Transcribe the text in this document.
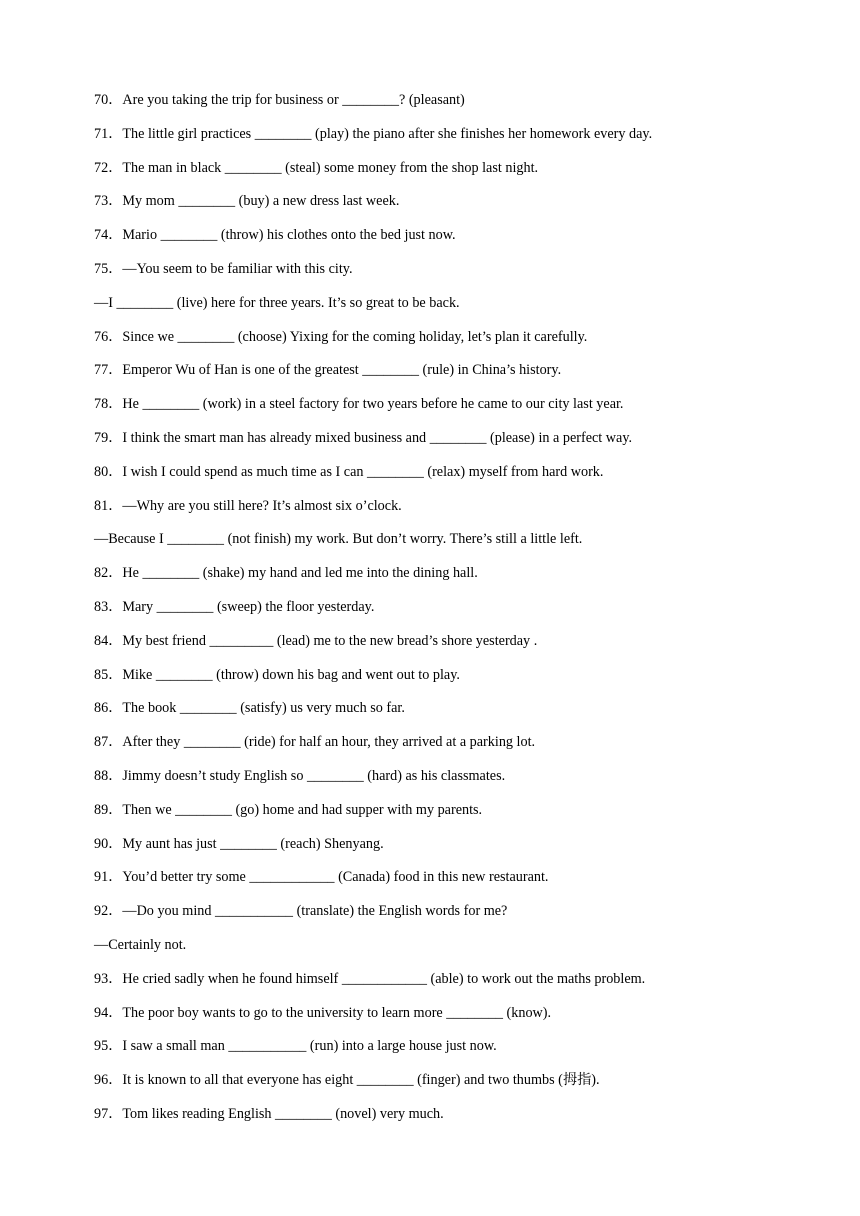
70．Are you taking the trip for business or ________? (pleasant)
71．The little girl practices ________ (play) the piano after she finishes her homework every day.
72．The man in black ________ (steal) some money from the shop last night.
73．My mom ________ (buy) a new dress last week.
74．Mario ________ (throw) his clothes onto the bed just now.
75．—You seem to be familiar with this city.
—I ________ (live) here for three years. It’s so great to be back.
76．Since we ________ (choose) Yixing for the coming holiday, let’s plan it carefully.
77．Emperor Wu of Han is one of the greatest ________ (rule) in China’s history.
78．He ________ (work) in a steel factory for two years before he came to our city last year.
79．I think the smart man has already mixed business and ________ (please) in a perfect way.
80．I wish I could spend as much time as I can ________ (relax) myself from hard work.
81．—Why are you still here? It’s almost six o’clock.
—Because I ________ (not finish) my work. But don’t worry. There’s still a little left.
82．He ________ (shake) my hand and led me into the dining hall.
83．Mary ________ (sweep) the floor yesterday.
84．My best friend _________ (lead) me to the new bread’s shore yesterday .
85．Mike ________ (throw) down his bag and went out to play.
86．The book ________ (satisfy) us very much so far.
87．After they ________ (ride) for half an hour, they arrived at a parking lot.
88．Jimmy doesn’t study English so ________ (hard) as his classmates.
89．Then we ________ (go) home and had supper with my parents.
90．My aunt has just ________ (reach) Shenyang.
91．You’d better try some ____________ (Canada) food in this new restaurant.
92．—Do you mind ___________ (translate) the English words for me?
—Certainly not.
93．He cried sadly when he found himself ____________ (able) to work out the maths problem.
94．The poor boy wants to go to the university to learn more ________ (know).
95．I saw a small man ___________ (run) into a large house just now.
96．It is known to all that everyone has eight ________ (finger) and two thumbs (拇指).
97．Tom likes reading English ________ (novel) very much.
